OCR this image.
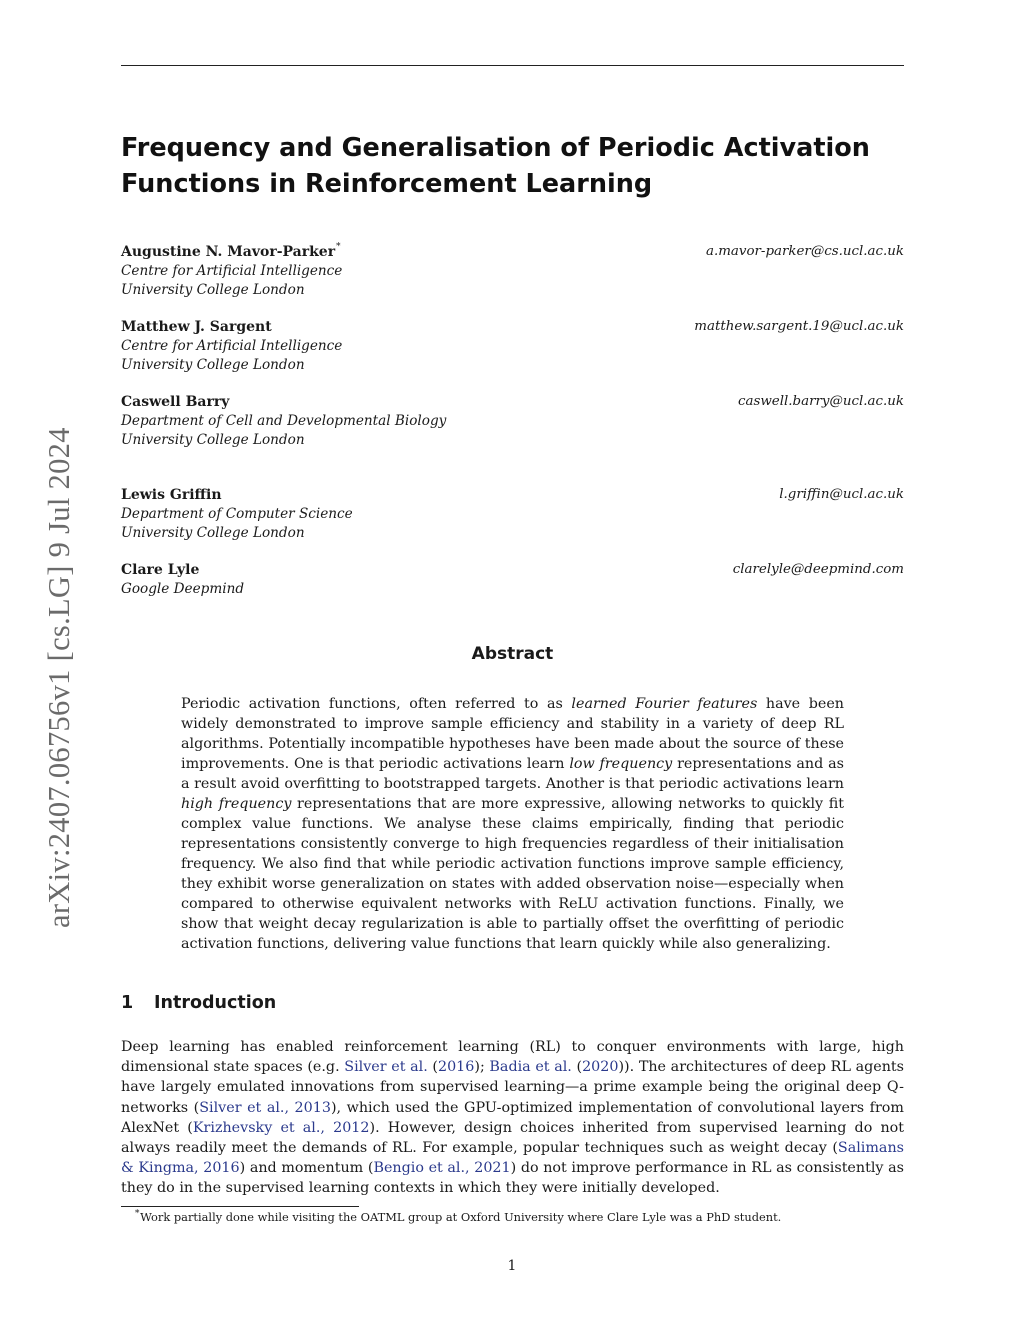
arXiv:2407.06756v1 [cs.LG] 9 Jul 2024
Frequency and Generalisation of Periodic Activation Functions in Reinforcement Learning
Augustine N. Mavor-Parker∗
Centre for Artificial Intelligence
University College London
a.mavor-parker@cs.ucl.ac.uk
Matthew J. Sargent
Centre for Artificial Intelligence
University College London
matthew.sargent.19@ucl.ac.uk
Caswell Barry
Department of Cell and Developmental Biology
University College London
caswell.barry@ucl.ac.uk
Lewis Griffin
Department of Computer Science
University College London
l.griffin@ucl.ac.uk
Clare Lyle
Google Deepmind
clarelyle@deepmind.com
Abstract
Periodic activation functions, often referred to as learned Fourier features have been widely demonstrated to improve sample efficiency and stability in a variety of deep RL algorithms. Potentially incompatible hypotheses have been made about the source of these improvements. One is that periodic activations learn low frequency representations and as a result avoid overfitting to bootstrapped targets. Another is that periodic activations learn high frequency representations that are more expressive, allowing networks to quickly fit complex value functions. We analyse these claims empirically, finding that periodic representations consistently converge to high frequencies regardless of their initialisation frequency. We also find that while periodic activation functions improve sample efficiency, they exhibit worse generalization on states with added observation noise—especially when compared to otherwise equivalent networks with ReLU activation functions. Finally, we show that weight decay regularization is able to partially offset the overfitting of periodic activation functions, delivering value functions that learn quickly while also generalizing.
1 Introduction
Deep learning has enabled reinforcement learning (RL) to conquer environments with large, high dimensional state spaces (e.g. Silver et al. (2016); Badia et al. (2020)). The architectures of deep RL agents have largely emulated innovations from supervised learning—a prime example being the original deep Q-networks (Silver et al., 2013), which used the GPU-optimized implementation of convolutional layers from AlexNet (Krizhevsky et al., 2012). However, design choices inherited from supervised learning do not always readily meet the demands of RL. For example, popular techniques such as weight decay (Salimans & Kingma, 2016) and momentum (Bengio et al., 2021) do not improve performance in RL as consistently as they do in the supervised learning contexts in which they were initially developed.
∗Work partially done while visiting the OATML group at Oxford University where Clare Lyle was a PhD student.
1
